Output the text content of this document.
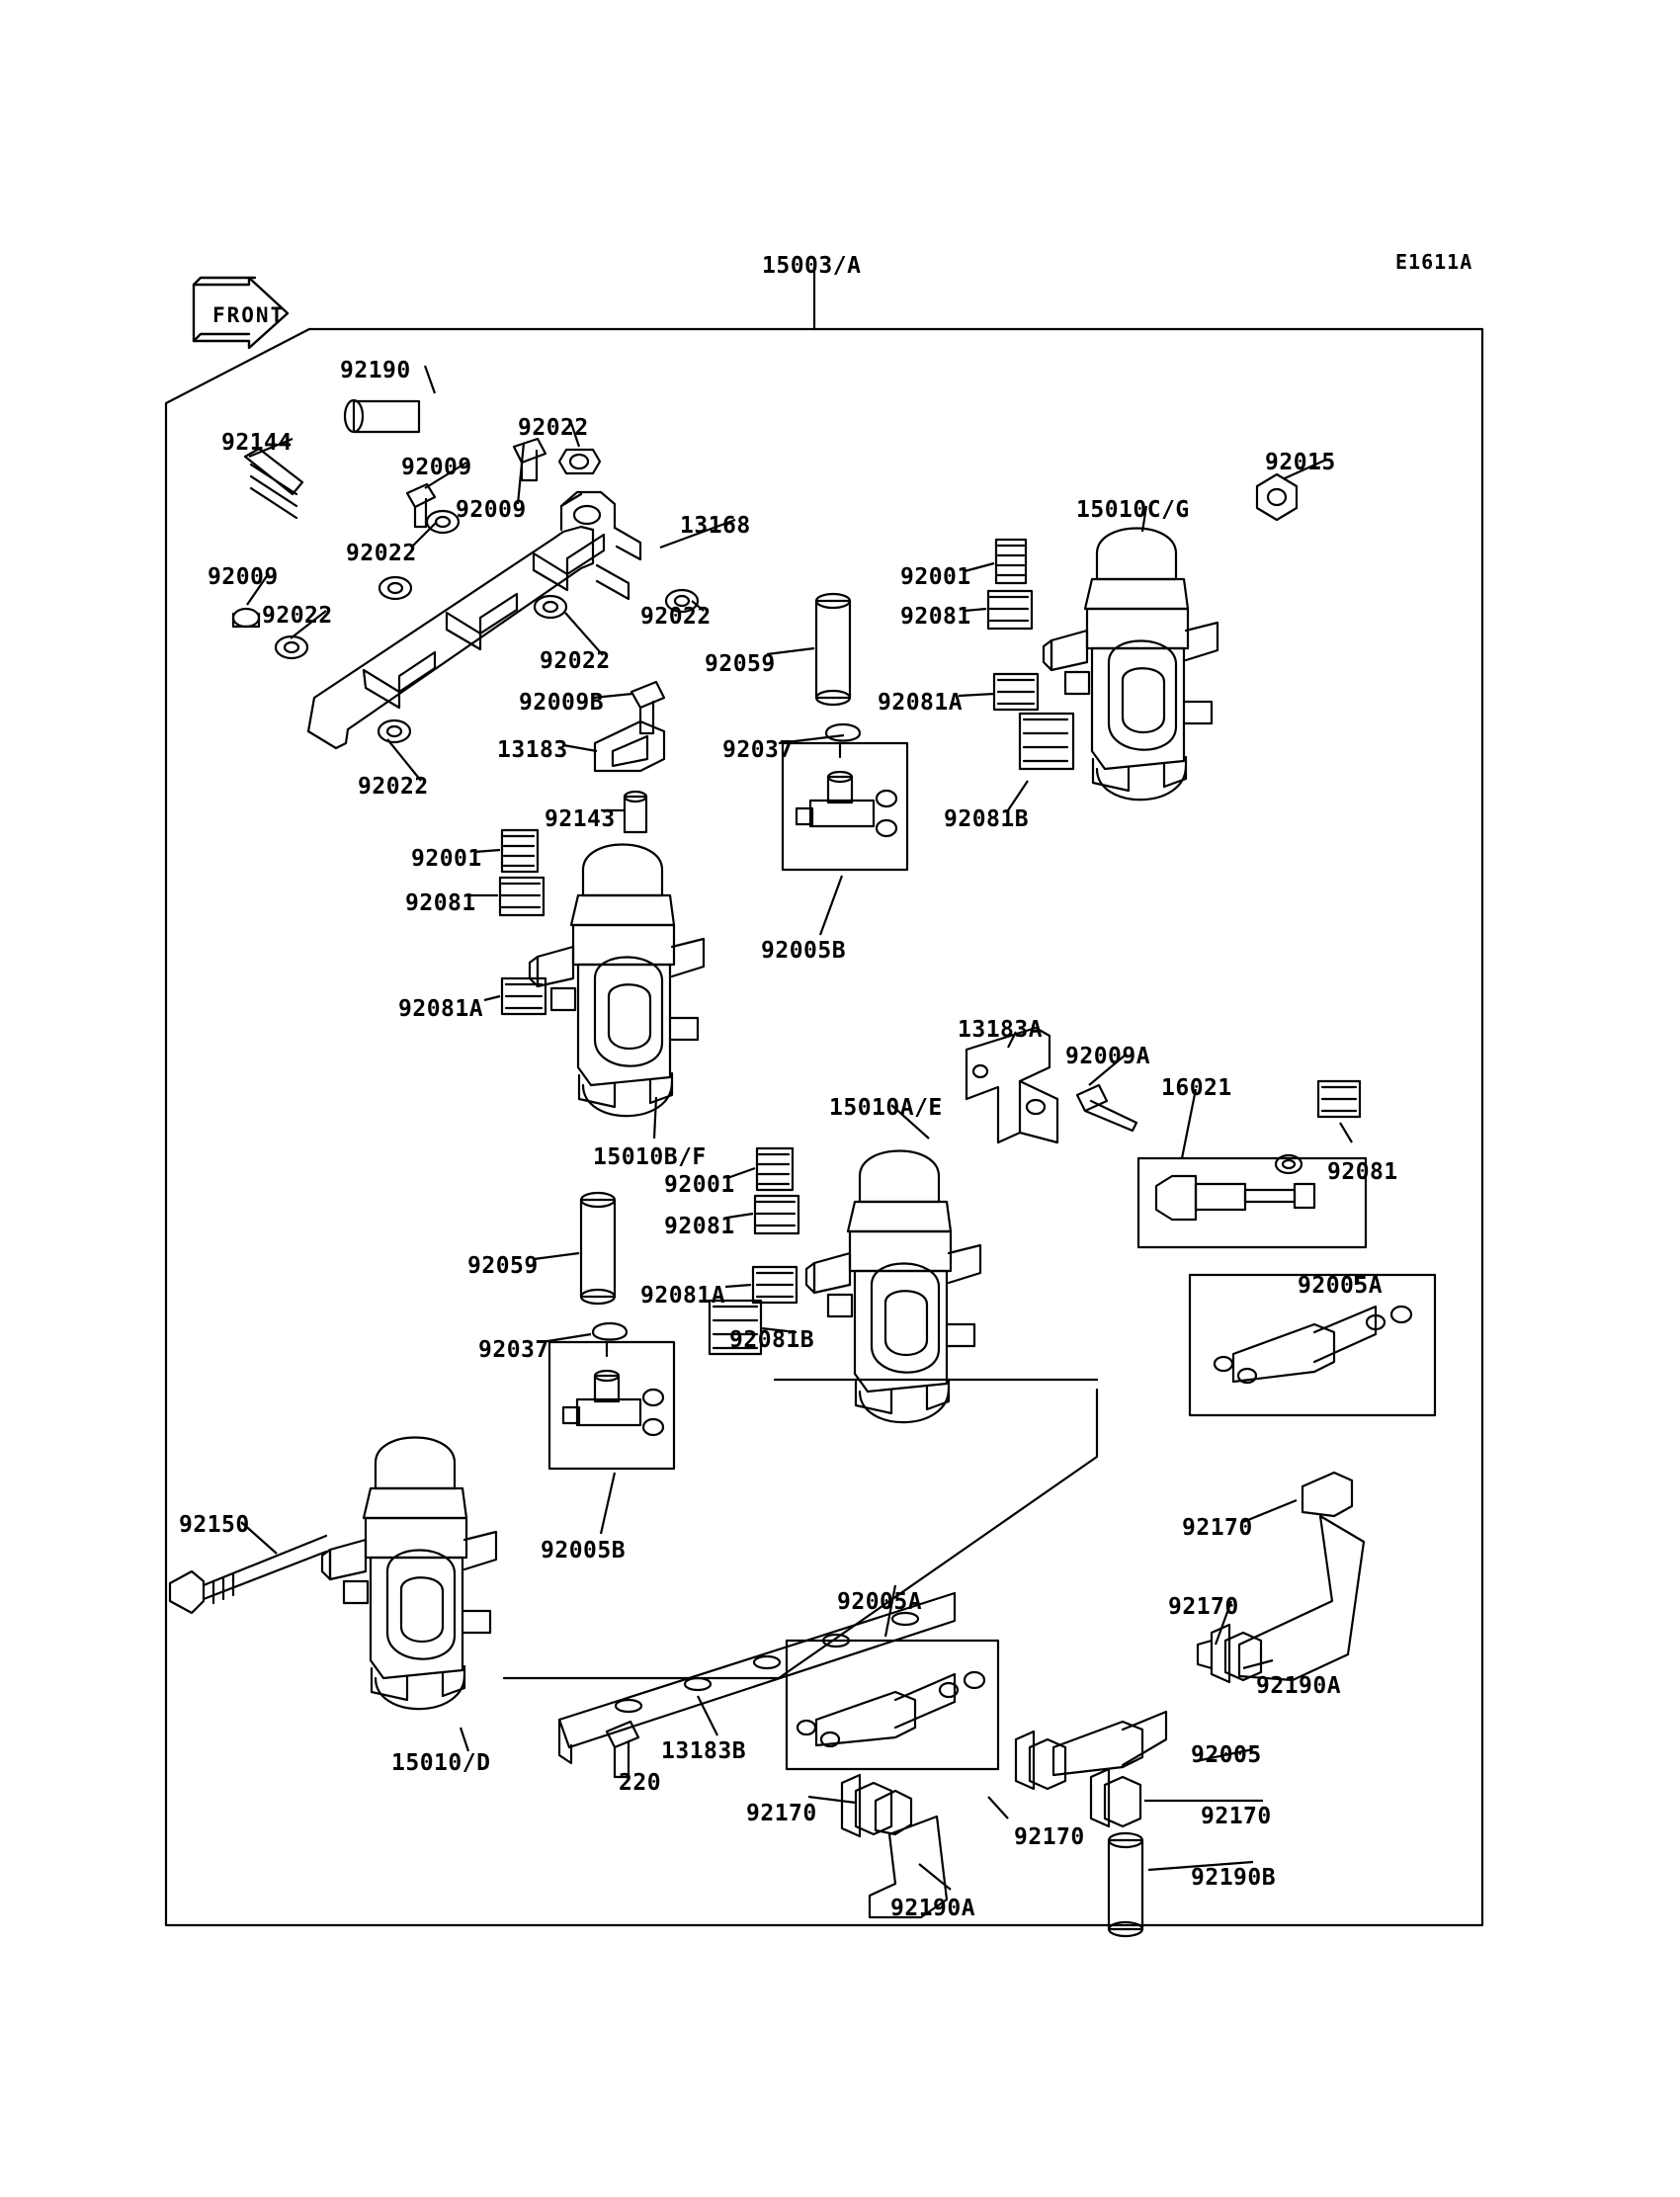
FRONT
15003/A	E1611A
92190
92144
92022
92009
92009
13168
92022
92009
92022	92022
92022
92009B
13183	92037
92022
92059
92001
92081
92081A
92081B
15010C/G
92015
92005B
92143
92001
92081
92081A
15010B/F
92001
92081
92081A
92081B
92059
92037
92005B
15010A/E
13183A
92009A
16021
92081
92005A
92170
92170
92190A
92150
15010/D	13183B
220
92005A
92170
92190A
92170
92005
92170
92190B
